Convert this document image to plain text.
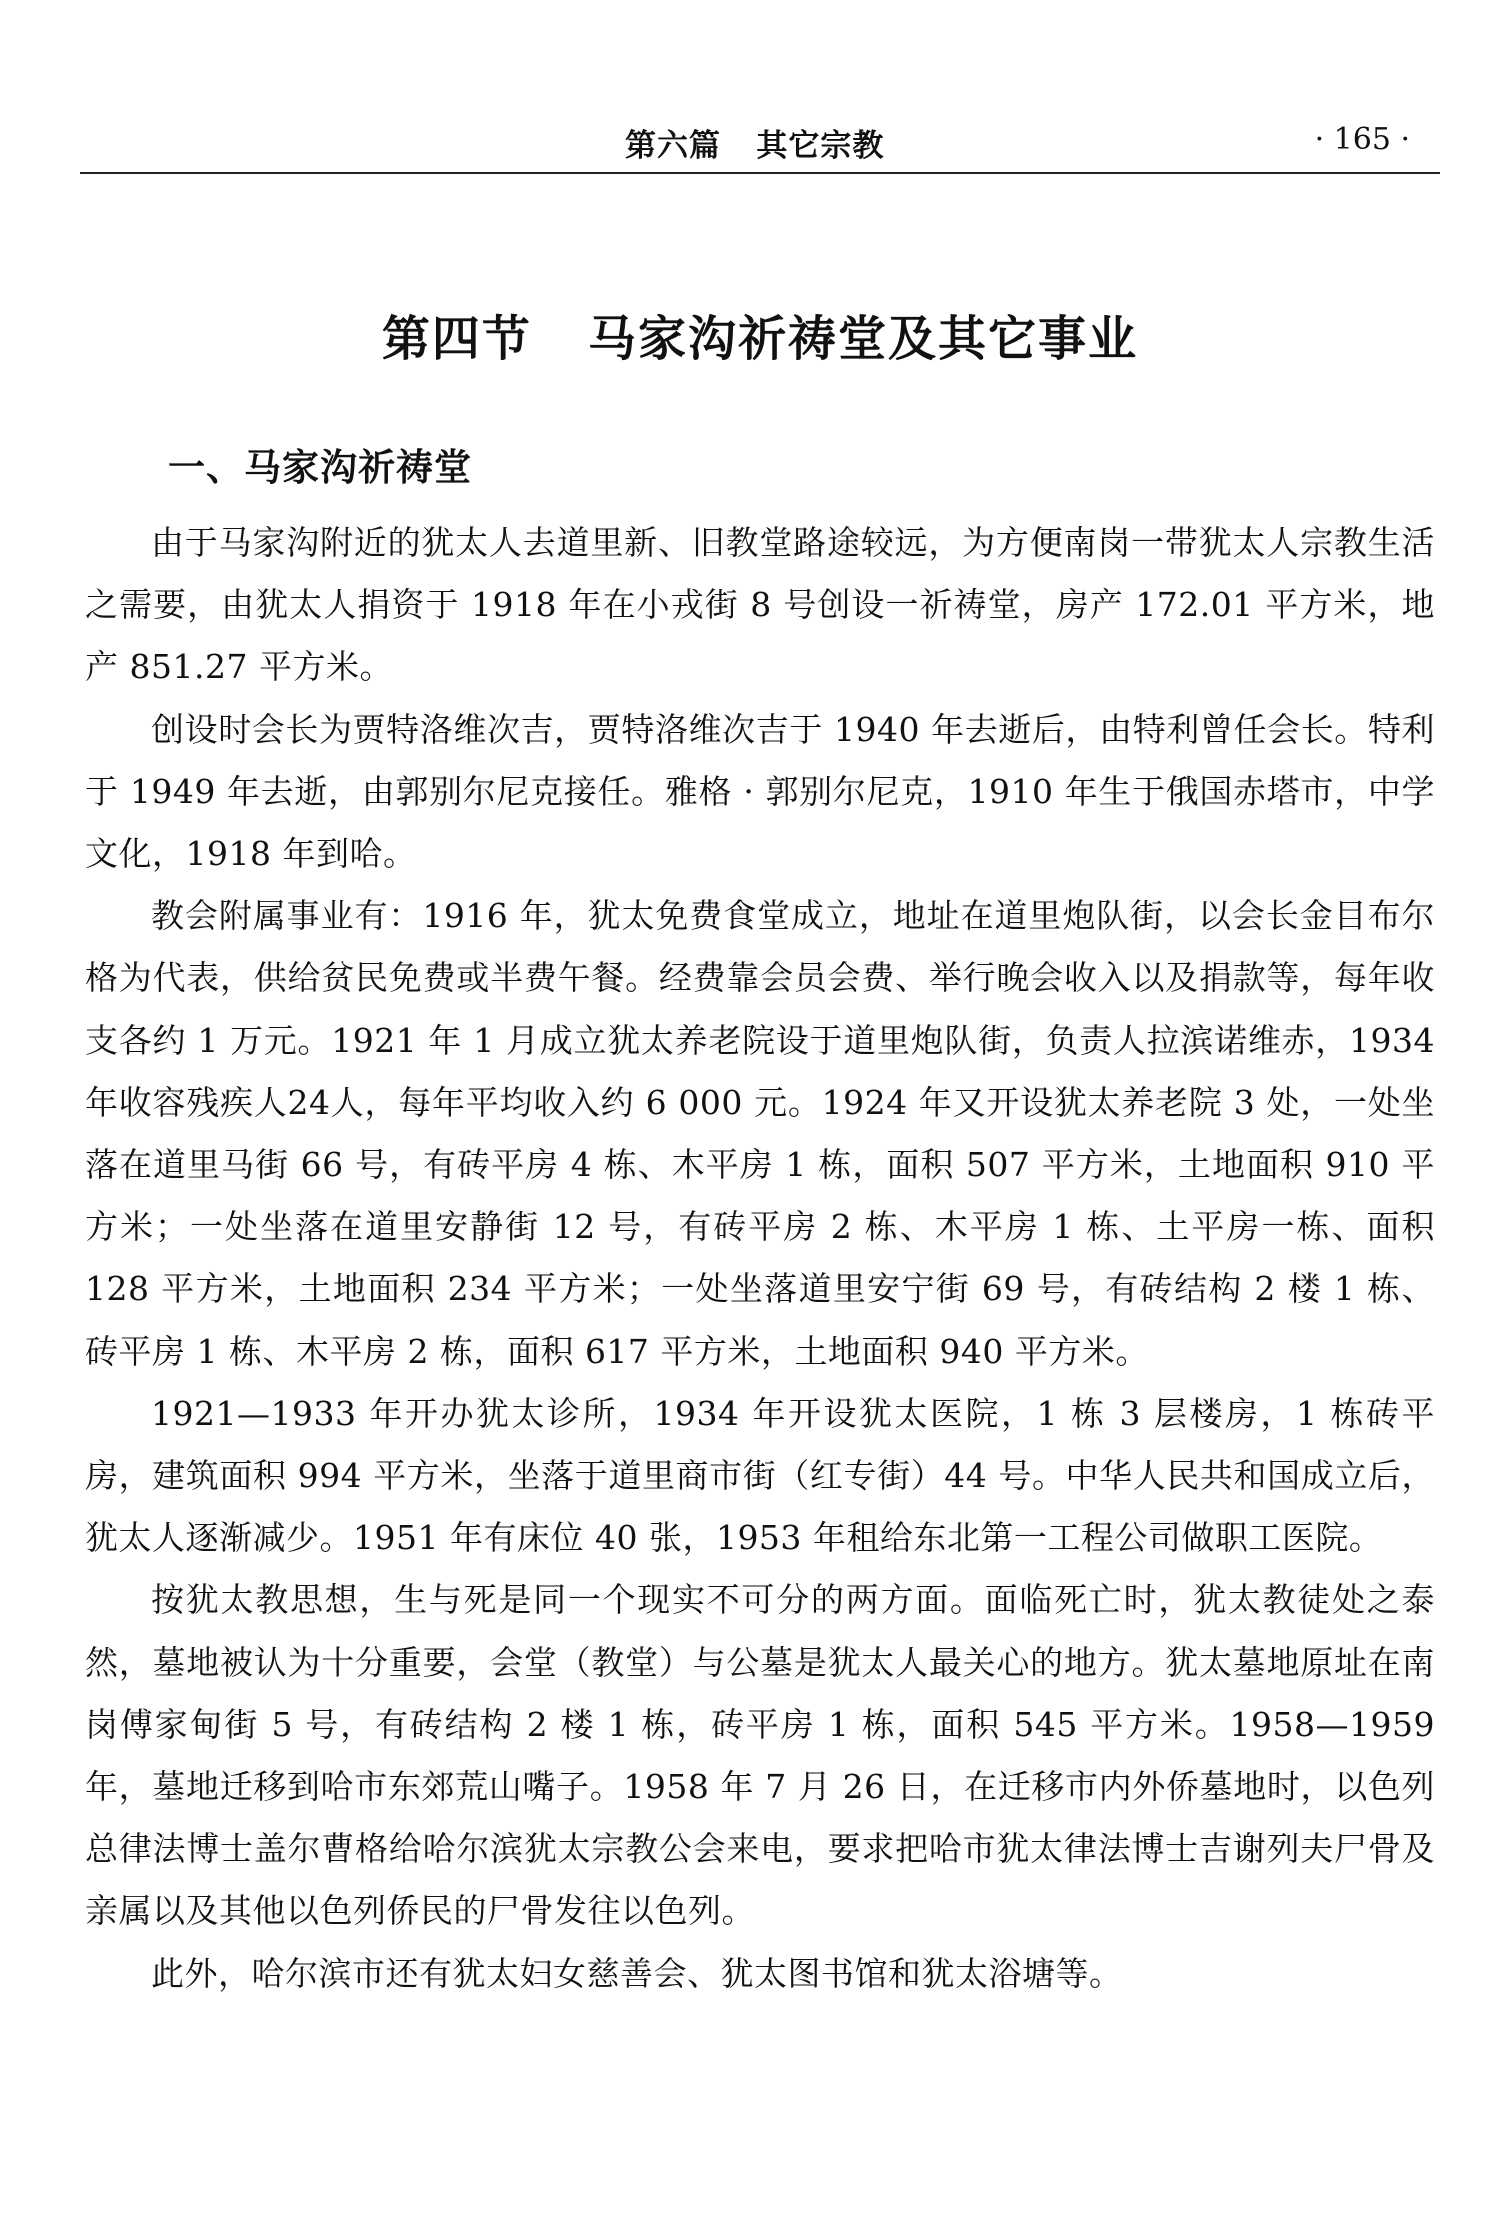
第六篇   其它宗教	· 165 ·
第四节   马家沟祈祷堂及其它事业
一、马家沟祈祷堂

由于马家沟附近的犹太人去道里新、旧教堂路途较远，为方便南岗一带犹太人宗教生活之需要，由犹太人捐资于 1918 年在小戎街 8 号创设一祈祷堂，房产 172.01 平方米，地产 851.27 平方米。

创设时会长为贾特洛维次吉，贾特洛维次吉于 1940 年去逝后，由特利曾任会长。特利于 1949 年去逝，由郭别尔尼克接任。雅格 · 郭别尔尼克，1910 年生于俄国赤塔市，中学文化，1918 年到哈。

教会附属事业有：1916 年，犹太免费食堂成立，地址在道里炮队街，以会长金目布尔格为代表，供给贫民免费或半费午餐。经费靠会员会费、举行晚会收入以及捐款等，每年收支各约 1 万元。1921 年 1 月成立犹太养老院设于道里炮队街，负责人拉滨诺维赤，1934年收容残疾人24人，每年平均收入约 6 000 元。1924 年又开设犹太养老院 3 处，一处坐落在道里马街 66 号，有砖平房 4 栋、木平房 1 栋，面积 507 平方米，土地面积 910 平方米；一处坐落在道里安静街 12 号，有砖平房 2 栋、木平房 1 栋、土平房一栋、面积 128 平方米，土地面积 234 平方米；一处坐落道里安宁街 69 号，有砖结构 2 楼 1 栋、砖平房 1 栋、木平房 2 栋，面积 617 平方米，土地面积 940 平方米。

1921—1933 年开办犹太诊所，1934 年开设犹太医院，1 栋 3 层楼房，1 栋砖平房，建筑面积 994 平方米，坐落于道里商市街（红专街）44 号。中华人民共和国成立后，犹太人逐渐减少。1951 年有床位 40 张，1953 年租给东北第一工程公司做职工医院。

按犹太教思想，生与死是同一个现实不可分的两方面。面临死亡时，犹太教徒处之泰然，墓地被认为十分重要，会堂（教堂）与公墓是犹太人最关心的地方。犹太墓地原址在南岗傅家甸街 5 号，有砖结构 2 楼 1 栋，砖平房 1 栋，面积 545 平方米。1958—1959 年，墓地迁移到哈市东郊荒山嘴子。1958 年 7 月 26 日，在迁移市内外侨墓地时，以色列总律法博士盖尔曹格给哈尔滨犹太宗教公会来电，要求把哈市犹太律法博士吉谢列夫尸骨及亲属以及其他以色列侨民的尸骨发往以色列。

此外，哈尔滨市还有犹太妇女慈善会、犹太图书馆和犹太浴塘等。
